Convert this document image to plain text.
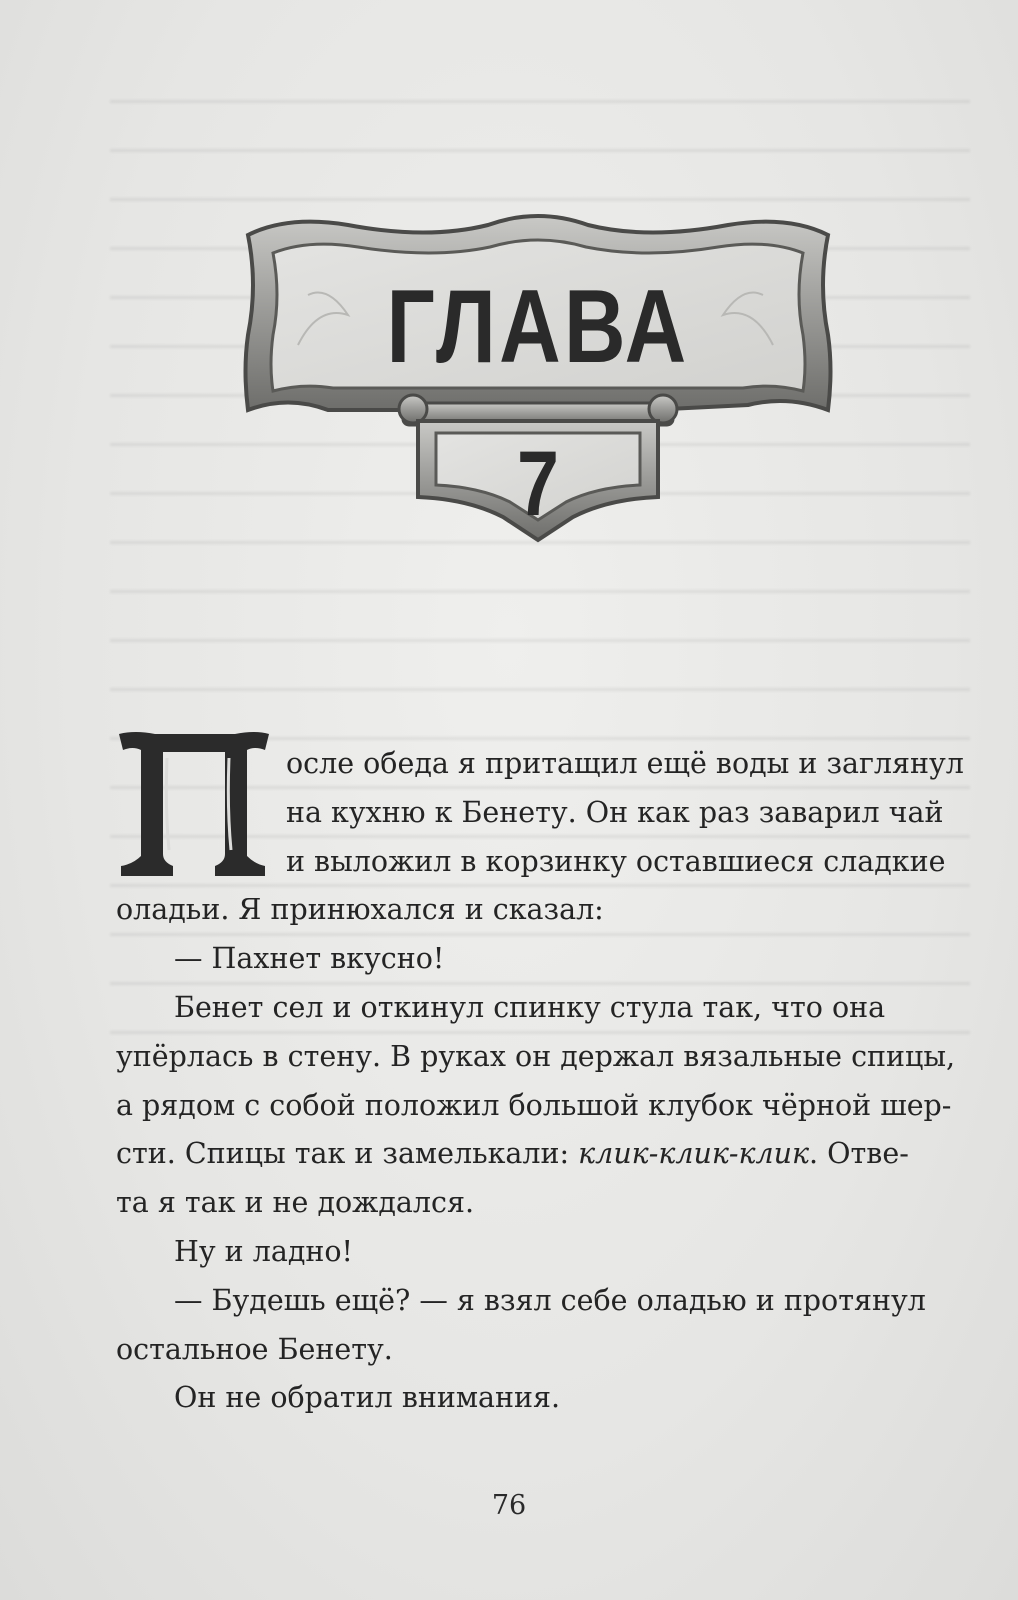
ГЛАВА
7
осле обеда я притащил ещё воды и заглянул
на кухню к Бенету. Он как раз заварил чай
и выложил в корзинку оставшиеся сладкие
оладьи. Я принюхался и сказал:
— Пахнет вкусно!
Бенет сел и откинул спинку стула так, что она
упёрлась в стену. В руках он держал вязальные спицы,
а рядом с собой положил большой клубок чёрной шер-
сти. Спицы так и замелькали: клик-клик-клик. Отве-
та я так и не дождался.
Ну и ладно!
— Будешь ещё? — я взял себе оладью и протянул
остальное Бенету.
Он не обратил внимания.
76
